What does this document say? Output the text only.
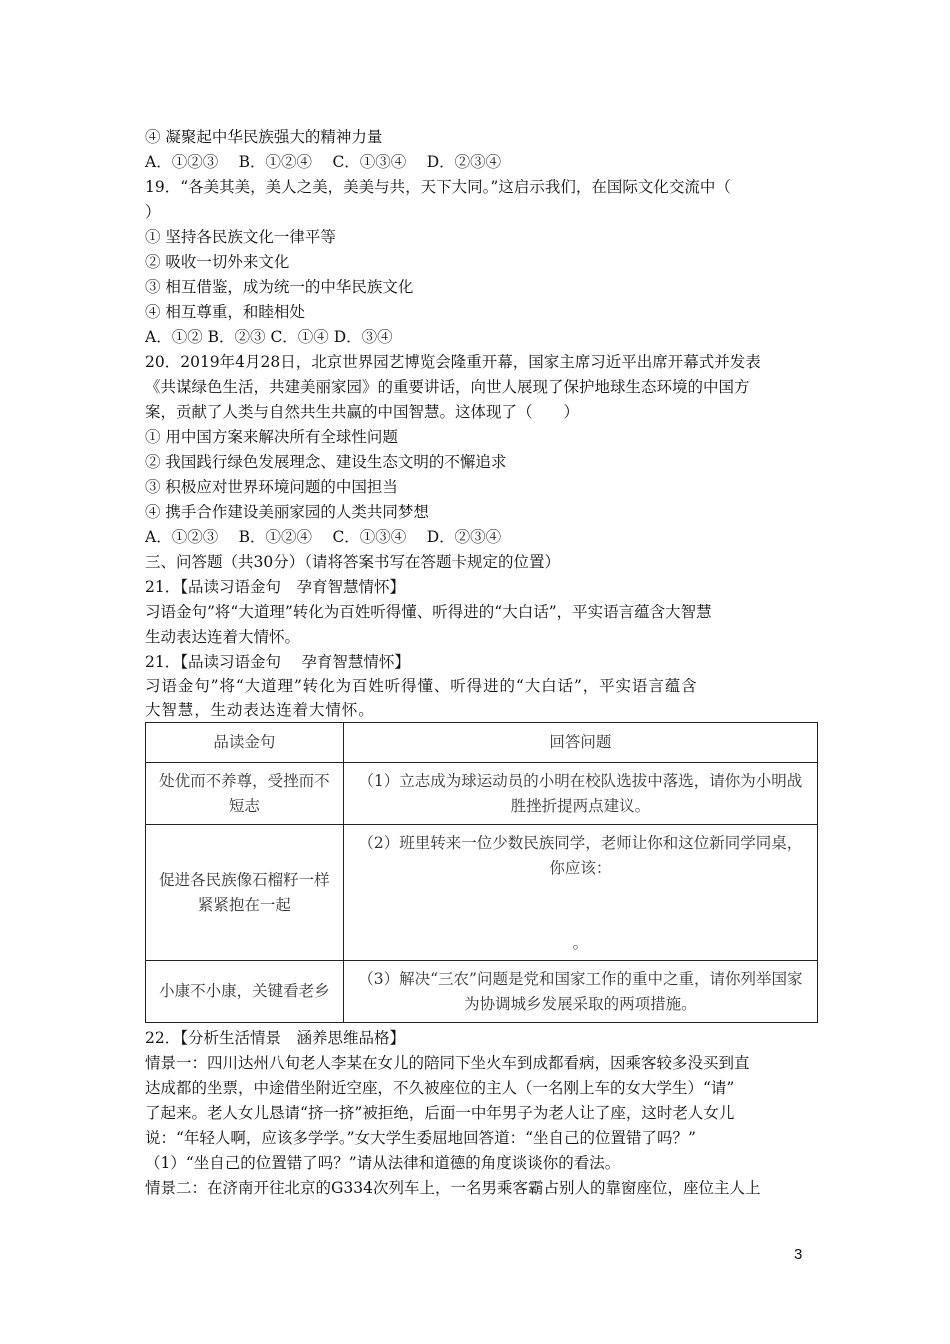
④ 凝聚起中华民族强大的精神力量
A．①②③　 B．①②④　 C．①③④　 D．②③④
19．“各美其美，美人之美，美美与共，天下大同。”这启示我们，在国际文化交流中（
）
① 坚持各民族文化一律平等
② 吸收一切外来文化
③ 相互借鉴，成为统一的中华民族文化
④ 相互尊重，和睦相处
A．①② B．②③ C．①④ D．③④
20．2019年4月28日，北京世界园艺博览会隆重开幕，国家主席习近平出席开幕式并发表
《共谋绿色生活，共建美丽家园》的重要讲话，向世人展现了保护地球生态环境的中国方
案，贡献了人类与自然共生共赢的中国智慧。这体现了（　　）
① 用中国方案来解决所有全球性问题
② 我国践行绿色发展理念、建设生态文明的不懈追求
③ 积极应对世界环境问题的中国担当
④ 携手合作建设美丽家园的人类共同梦想
A．①②③　 B．①②④　 C．①③④　 D．②③④
三、问答题（共30分）（请将答案书写在答题卡规定的位置）
21．【品读习语金句　孕育智慧情怀】
习语金句”将“大道理”转化为百姓听得懂、听得进的“大白话”，平实语言蕴含大智慧
生动表达连着大情怀。
21．【品读习语金句　 孕育智慧情怀】
习语金句”将“大道理”转化为百姓听得懂、听得进的“大白话”，平实语言蕴含
大智慧，生动表达连着大情怀。
品读金句	回答问题
处优而不养尊，受挫而不短志	（1）立志成为球运动员的小明在校队选拔中落选，请你为小明战胜挫折提两点建议。
促进各民族像石榴籽一样紧紧抱在一起	（2）班里转来一位少数民族同学，老师让你和这位新同学同桌，你应该：
。

小康不小康，关键看老乡	（3）解决“三农”问题是党和国家工作的重中之重，请你列举国家为协调城乡发展采取的两项措施。
22．【分析生活情景　涵养思维品格】
情景一：四川达州八旬老人李某在女儿的陪同下坐火车到成都看病，因乘客较多没买到直
达成都的坐票，中途借坐附近空座，不久被座位的主人（一名刚上车的女大学生）“请”
了起来。老人女儿恳请“挤一挤”被拒绝，后面一中年男子为老人让了座，这时老人女儿
说：“年轻人啊，应该多学学。”女大学生委屈地回答道：“坐自己的位置错了吗？”
（1）“坐自己的位置错了吗？”请从法律和道德的角度谈谈你的看法。
情景二：在济南开往北京的G334次列车上，一名男乘客霸占别人的靠窗座位，座位主人上
3
